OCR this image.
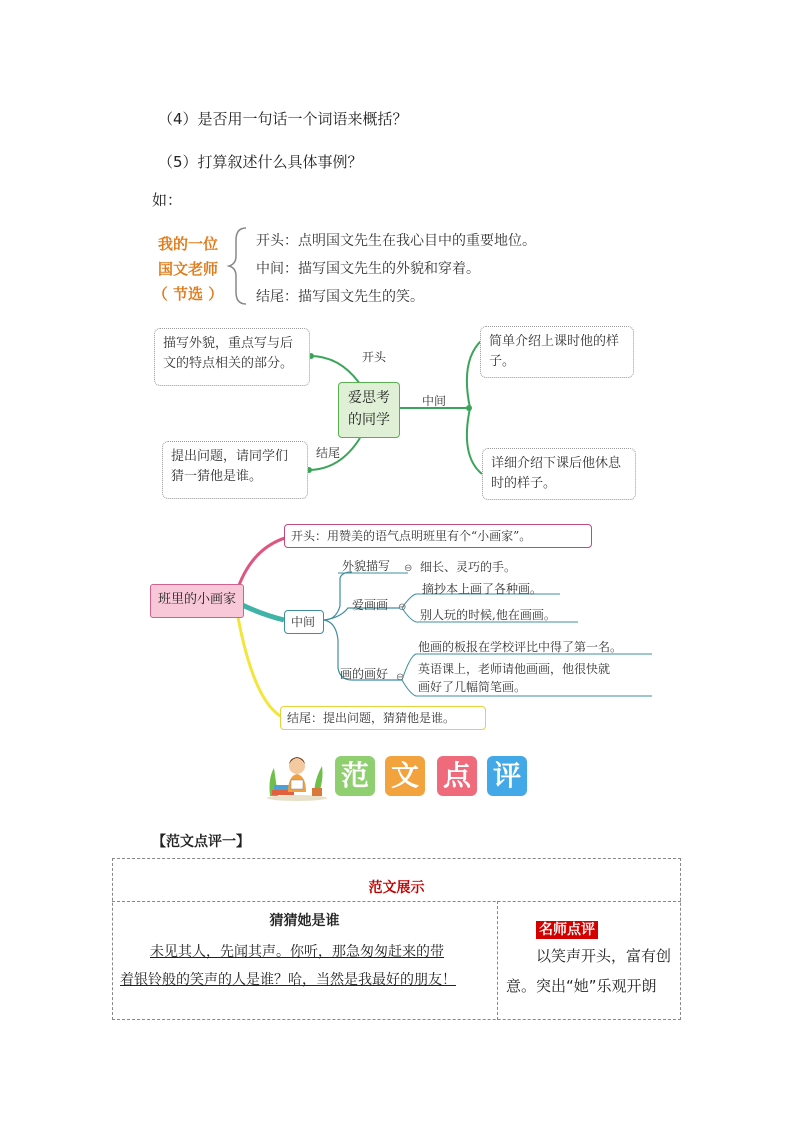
（4）是否用一句话一个词语来概括？
（5）打算叙述什么具体事例？
如：
我的一位
国文老师
（ 节选 ）
开头：点明国文先生在我心目中的重要地位。
中间：描写国文先生的外貌和穿着。
结尾：描写国文先生的笑。
描写外貌，重点写与后文的特点相关的部分。
提出问题，请同学们猜一猜他是谁。
简单介绍上课时他的样子。
详细介绍下课后他休息时的样子。
爱思考
的同学
开头
中间
结尾
班里的小画家
开头：用赞美的语气点明班里有个“小画家”。
中间
结尾：提出问题，猜猜他是谁。
外貌描写 ⊖ 细长、灵巧的手。
爱画画 ⊖
摘抄本上画了各种画。
别人玩的时候,他在画画。
画的画好 ⊖
他画的板报在学校评比中得了第一名。
英语课上，老师请他画画，他很快就
画好了几幅简笔画。
范 文 点 评
【范文点评一】
范文展示
猜猜她是谁
未见其人，先闻其声。你听，那急匆匆赶来的带
着银铃般的笑声的人是谁？哈，当然是我最好的朋友！
名师点评
以笑声开头，富有创
意。突出“她”乐观开朗
